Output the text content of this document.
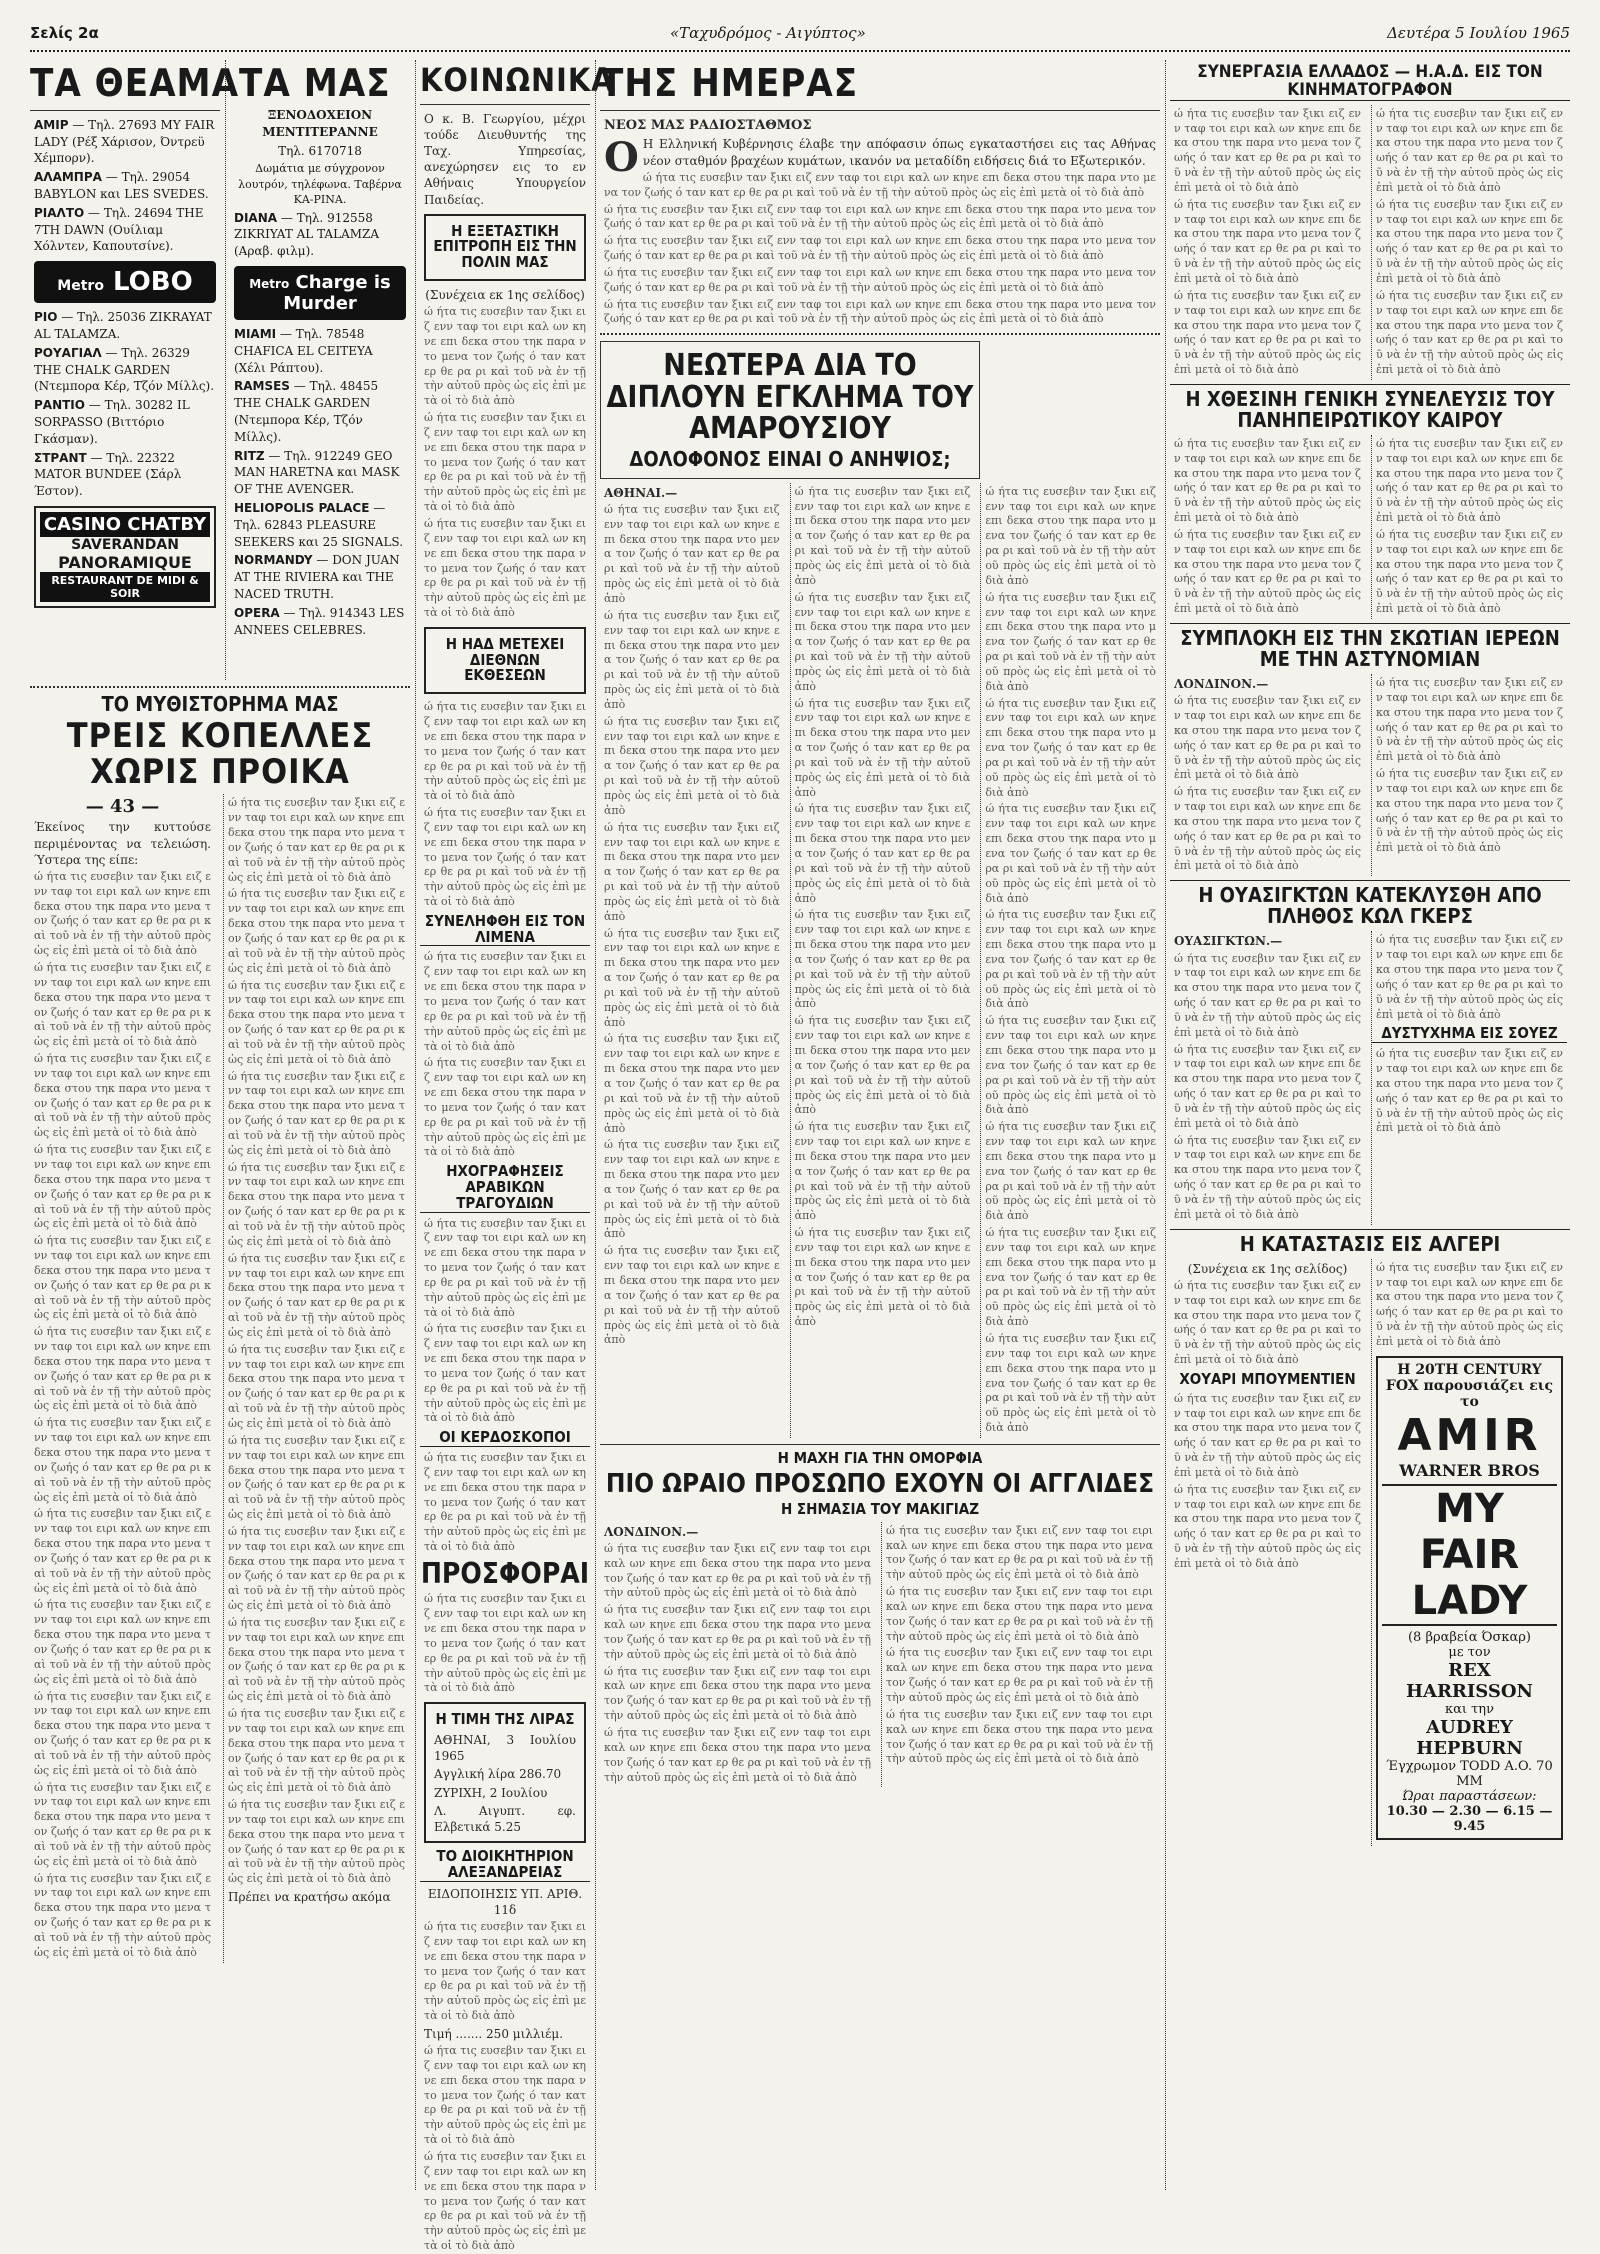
Σελίς 2α	«Ταχυδρόμος - Αιγύπτος»	Δευτέρα 5 Ιουλίου 1965
ΤΑ ΘΕΑΜΑΤΑ ΜΑΣ
ΑΜΙΡ — Τηλ. 27693 MY FAIR LADY (Ρέξ Χάρισον, Όντρεϋ Χέμπορν).
ΑΛΑΜΠΡΑ — Τηλ. 29054 BABYLON και LES SVEDES.
ΡΙΑΛΤΟ — Τηλ. 24694 THE 7TH DAWN (Ουίλιαμ Χόλντεν, Καπουτσίνε).
Metro LOBO
ΡΙΟ — Τηλ. 25036 ZIKRAYAT AL TALAMZA.
ΡΟΥΑΓΙΑΛ — Τηλ. 26329 THE CHALK GARDEN (Ντεμπορα Κέρ, Τζόν Μίλλς).
ΡΑΝΤΙΟ — Τηλ. 30282 IL SORPASSO (Βιττόριο Γκάσμαν).
ΣΤΡΑΝΤ — Τηλ. 22322 MATOR BUNDEE (Σάρλ Έστον).
CASINO CHATBY
SAVERANDAN
PANORAMIQUE
RESTAURANT DE MIDI & SOIR
ΞΕΝΟΔΟΧΕΙΟΝ ΜΕΝΤΙΤΕΡΑΝΝΕ
Τηλ. 6170718
Δωμάτια με σύγχρονον λουτρόν, τηλέφωνα. Ταβέρνα ΚΑ-ΡΙΝΑ.
DIANA — Τηλ. 912558 ZIKRIYAT AL TALAMZA (Αραβ. φιλμ).
Metro Charge is Murder
MIAMI — Τηλ. 78548 CHAFICA EL CEITEYA (Χέλι Ράπτου).
RAMSES — Τηλ. 48455 THE CHALK GARDEN (Ντεμπορα Κέρ, Τζόν Μίλλς).
RITZ — Τηλ. 912249 GEO MAN HARETNA και MASK OF THE AVENGER.
HELIOPOLIS PALACE — Τηλ. 62843 PLEASURE SEEKERS και 25 SIGNALS.
NORMANDY — DON JUAN AT THE RIVIERA και THE NACED TRUTH.
OPERA — Τηλ. 914343 LES ANNEES CELEBRES.
ΤΟ ΜΥΘΙΣΤΟΡΗΜΑ ΜΑΣ
ΤΡΕΙΣ ΚΟΠΕΛΛΕΣ ΧΩΡΙΣ ΠΡΟΙΚΑ
— 43 —
Έκείνος την κυττούσε περιμένοντας να τελειώση. Ύστερα της είπε:
ώ ήτα τις ευσεβιν ταν ξικι ειζ ενν ταφ τοι ειρι καλ ων κηνε επι δεκα στου τηκ παρα ντο μενα τον ζωής ό ταν κατ ερ θε ρα ρι καὶ τοῦ νὰ ἐν τῇ τὴν αὐτοῦ πρὸς ὡς εἰς ἐπὶ μετὰ οἱ τὸ διὰ ἀπὸ
ώ ήτα τις ευσεβιν ταν ξικι ειζ ενν ταφ τοι ειρι καλ ων κηνε επι δεκα στου τηκ παρα ντο μενα τον ζωής ό ταν κατ ερ θε ρα ρι καὶ τοῦ νὰ ἐν τῇ τὴν αὐτοῦ πρὸς ὡς εἰς ἐπὶ μετὰ οἱ τὸ διὰ ἀπὸ
ώ ήτα τις ευσεβιν ταν ξικι ειζ ενν ταφ τοι ειρι καλ ων κηνε επι δεκα στου τηκ παρα ντο μενα τον ζωής ό ταν κατ ερ θε ρα ρι καὶ τοῦ νὰ ἐν τῇ τὴν αὐτοῦ πρὸς ὡς εἰς ἐπὶ μετὰ οἱ τὸ διὰ ἀπὸ
ώ ήτα τις ευσεβιν ταν ξικι ειζ ενν ταφ τοι ειρι καλ ων κηνε επι δεκα στου τηκ παρα ντο μενα τον ζωής ό ταν κατ ερ θε ρα ρι καὶ τοῦ νὰ ἐν τῇ τὴν αὐτοῦ πρὸς ὡς εἰς ἐπὶ μετὰ οἱ τὸ διὰ ἀπὸ
ώ ήτα τις ευσεβιν ταν ξικι ειζ ενν ταφ τοι ειρι καλ ων κηνε επι δεκα στου τηκ παρα ντο μενα τον ζωής ό ταν κατ ερ θε ρα ρι καὶ τοῦ νὰ ἐν τῇ τὴν αὐτοῦ πρὸς ὡς εἰς ἐπὶ μετὰ οἱ τὸ διὰ ἀπὸ
ώ ήτα τις ευσεβιν ταν ξικι ειζ ενν ταφ τοι ειρι καλ ων κηνε επι δεκα στου τηκ παρα ντο μενα τον ζωής ό ταν κατ ερ θε ρα ρι καὶ τοῦ νὰ ἐν τῇ τὴν αὐτοῦ πρὸς ὡς εἰς ἐπὶ μετὰ οἱ τὸ διὰ ἀπὸ
ώ ήτα τις ευσεβιν ταν ξικι ειζ ενν ταφ τοι ειρι καλ ων κηνε επι δεκα στου τηκ παρα ντο μενα τον ζωής ό ταν κατ ερ θε ρα ρι καὶ τοῦ νὰ ἐν τῇ τὴν αὐτοῦ πρὸς ὡς εἰς ἐπὶ μετὰ οἱ τὸ διὰ ἀπὸ
ώ ήτα τις ευσεβιν ταν ξικι ειζ ενν ταφ τοι ειρι καλ ων κηνε επι δεκα στου τηκ παρα ντο μενα τον ζωής ό ταν κατ ερ θε ρα ρι καὶ τοῦ νὰ ἐν τῇ τὴν αὐτοῦ πρὸς ὡς εἰς ἐπὶ μετὰ οἱ τὸ διὰ ἀπὸ
ώ ήτα τις ευσεβιν ταν ξικι ειζ ενν ταφ τοι ειρι καλ ων κηνε επι δεκα στου τηκ παρα ντο μενα τον ζωής ό ταν κατ ερ θε ρα ρι καὶ τοῦ νὰ ἐν τῇ τὴν αὐτοῦ πρὸς ὡς εἰς ἐπὶ μετὰ οἱ τὸ διὰ ἀπὸ
ώ ήτα τις ευσεβιν ταν ξικι ειζ ενν ταφ τοι ειρι καλ ων κηνε επι δεκα στου τηκ παρα ντο μενα τον ζωής ό ταν κατ ερ θε ρα ρι καὶ τοῦ νὰ ἐν τῇ τὴν αὐτοῦ πρὸς ὡς εἰς ἐπὶ μετὰ οἱ τὸ διὰ ἀπὸ
ώ ήτα τις ευσεβιν ταν ξικι ειζ ενν ταφ τοι ειρι καλ ων κηνε επι δεκα στου τηκ παρα ντο μενα τον ζωής ό ταν κατ ερ θε ρα ρι καὶ τοῦ νὰ ἐν τῇ τὴν αὐτοῦ πρὸς ὡς εἰς ἐπὶ μετὰ οἱ τὸ διὰ ἀπὸ
ώ ήτα τις ευσεβιν ταν ξικι ειζ ενν ταφ τοι ειρι καλ ων κηνε επι δεκα στου τηκ παρα ντο μενα τον ζωής ό ταν κατ ερ θε ρα ρι καὶ τοῦ νὰ ἐν τῇ τὴν αὐτοῦ πρὸς ὡς εἰς ἐπὶ μετὰ οἱ τὸ διὰ ἀπὸ
ώ ήτα τις ευσεβιν ταν ξικι ειζ ενν ταφ τοι ειρι καλ ων κηνε επι δεκα στου τηκ παρα ντο μενα τον ζωής ό ταν κατ ερ θε ρα ρι καὶ τοῦ νὰ ἐν τῇ τὴν αὐτοῦ πρὸς ὡς εἰς ἐπὶ μετὰ οἱ τὸ διὰ ἀπὸ
ώ ήτα τις ευσεβιν ταν ξικι ειζ ενν ταφ τοι ειρι καλ ων κηνε επι δεκα στου τηκ παρα ντο μενα τον ζωής ό ταν κατ ερ θε ρα ρι καὶ τοῦ νὰ ἐν τῇ τὴν αὐτοῦ πρὸς ὡς εἰς ἐπὶ μετὰ οἱ τὸ διὰ ἀπὸ
ώ ήτα τις ευσεβιν ταν ξικι ειζ ενν ταφ τοι ειρι καλ ων κηνε επι δεκα στου τηκ παρα ντο μενα τον ζωής ό ταν κατ ερ θε ρα ρι καὶ τοῦ νὰ ἐν τῇ τὴν αὐτοῦ πρὸς ὡς εἰς ἐπὶ μετὰ οἱ τὸ διὰ ἀπὸ
ώ ήτα τις ευσεβιν ταν ξικι ειζ ενν ταφ τοι ειρι καλ ων κηνε επι δεκα στου τηκ παρα ντο μενα τον ζωής ό ταν κατ ερ θε ρα ρι καὶ τοῦ νὰ ἐν τῇ τὴν αὐτοῦ πρὸς ὡς εἰς ἐπὶ μετὰ οἱ τὸ διὰ ἀπὸ
ώ ήτα τις ευσεβιν ταν ξικι ειζ ενν ταφ τοι ειρι καλ ων κηνε επι δεκα στου τηκ παρα ντο μενα τον ζωής ό ταν κατ ερ θε ρα ρι καὶ τοῦ νὰ ἐν τῇ τὴν αὐτοῦ πρὸς ὡς εἰς ἐπὶ μετὰ οἱ τὸ διὰ ἀπὸ
ώ ήτα τις ευσεβιν ταν ξικι ειζ ενν ταφ τοι ειρι καλ ων κηνε επι δεκα στου τηκ παρα ντο μενα τον ζωής ό ταν κατ ερ θε ρα ρι καὶ τοῦ νὰ ἐν τῇ τὴν αὐτοῦ πρὸς ὡς εἰς ἐπὶ μετὰ οἱ τὸ διὰ ἀπὸ
ώ ήτα τις ευσεβιν ταν ξικι ειζ ενν ταφ τοι ειρι καλ ων κηνε επι δεκα στου τηκ παρα ντο μενα τον ζωής ό ταν κατ ερ θε ρα ρι καὶ τοῦ νὰ ἐν τῇ τὴν αὐτοῦ πρὸς ὡς εἰς ἐπὶ μετὰ οἱ τὸ διὰ ἀπὸ
ώ ήτα τις ευσεβιν ταν ξικι ειζ ενν ταφ τοι ειρι καλ ων κηνε επι δεκα στου τηκ παρα ντο μενα τον ζωής ό ταν κατ ερ θε ρα ρι καὶ τοῦ νὰ ἐν τῇ τὴν αὐτοῦ πρὸς ὡς εἰς ἐπὶ μετὰ οἱ τὸ διὰ ἀπὸ
ώ ήτα τις ευσεβιν ταν ξικι ειζ ενν ταφ τοι ειρι καλ ων κηνε επι δεκα στου τηκ παρα ντο μενα τον ζωής ό ταν κατ ερ θε ρα ρι καὶ τοῦ νὰ ἐν τῇ τὴν αὐτοῦ πρὸς ὡς εἰς ἐπὶ μετὰ οἱ τὸ διὰ ἀπὸ
ώ ήτα τις ευσεβιν ταν ξικι ειζ ενν ταφ τοι ειρι καλ ων κηνε επι δεκα στου τηκ παρα ντο μενα τον ζωής ό ταν κατ ερ θε ρα ρι καὶ τοῦ νὰ ἐν τῇ τὴν αὐτοῦ πρὸς ὡς εἰς ἐπὶ μετὰ οἱ τὸ διὰ ἀπὸ
ώ ήτα τις ευσεβιν ταν ξικι ειζ ενν ταφ τοι ειρι καλ ων κηνε επι δεκα στου τηκ παρα ντο μενα τον ζωής ό ταν κατ ερ θε ρα ρι καὶ τοῦ νὰ ἐν τῇ τὴν αὐτοῦ πρὸς ὡς εἰς ἐπὶ μετὰ οἱ τὸ διὰ ἀπὸ
ώ ήτα τις ευσεβιν ταν ξικι ειζ ενν ταφ τοι ειρι καλ ων κηνε επι δεκα στου τηκ παρα ντο μενα τον ζωής ό ταν κατ ερ θε ρα ρι καὶ τοῦ νὰ ἐν τῇ τὴν αὐτοῦ πρὸς ὡς εἰς ἐπὶ μετὰ οἱ τὸ διὰ ἀπὸ
Πρέπει να κρατήσω ακόμα
ΚΟΙΝΩΝΙΚΑ
Ο κ. Β. Γεωργίου, μέχρι τούδε Διευθυντής της Ταχ. Υπηρεσίας, ανεχώρησεν εις το εν Αθήναις Υπουργείον Παιδείας.
Η ΕΞΕΤΑΣΤΙΚΗ ΕΠΙΤΡΟΠΗ ΕΙΣ ΤΗΝ ΠΟΛΙΝ ΜΑΣ
(Συνέχεια εκ 1ης σελίδος)
ώ ήτα τις ευσεβιν ταν ξικι ειζ ενν ταφ τοι ειρι καλ ων κηνε επι δεκα στου τηκ παρα ντο μενα τον ζωής ό ταν κατ ερ θε ρα ρι καὶ τοῦ νὰ ἐν τῇ τὴν αὐτοῦ πρὸς ὡς εἰς ἐπὶ μετὰ οἱ τὸ διὰ ἀπὸ
ώ ήτα τις ευσεβιν ταν ξικι ειζ ενν ταφ τοι ειρι καλ ων κηνε επι δεκα στου τηκ παρα ντο μενα τον ζωής ό ταν κατ ερ θε ρα ρι καὶ τοῦ νὰ ἐν τῇ τὴν αὐτοῦ πρὸς ὡς εἰς ἐπὶ μετὰ οἱ τὸ διὰ ἀπὸ
ώ ήτα τις ευσεβιν ταν ξικι ειζ ενν ταφ τοι ειρι καλ ων κηνε επι δεκα στου τηκ παρα ντο μενα τον ζωής ό ταν κατ ερ θε ρα ρι καὶ τοῦ νὰ ἐν τῇ τὴν αὐτοῦ πρὸς ὡς εἰς ἐπὶ μετὰ οἱ τὸ διὰ ἀπὸ
Η ΗΑΔ ΜΕΤΕΧΕΙ ΔΙΕΘΝΩΝ ΕΚΘΕΣΕΩΝ
ώ ήτα τις ευσεβιν ταν ξικι ειζ ενν ταφ τοι ειρι καλ ων κηνε επι δεκα στου τηκ παρα ντο μενα τον ζωής ό ταν κατ ερ θε ρα ρι καὶ τοῦ νὰ ἐν τῇ τὴν αὐτοῦ πρὸς ὡς εἰς ἐπὶ μετὰ οἱ τὸ διὰ ἀπὸ
ώ ήτα τις ευσεβιν ταν ξικι ειζ ενν ταφ τοι ειρι καλ ων κηνε επι δεκα στου τηκ παρα ντο μενα τον ζωής ό ταν κατ ερ θε ρα ρι καὶ τοῦ νὰ ἐν τῇ τὴν αὐτοῦ πρὸς ὡς εἰς ἐπὶ μετὰ οἱ τὸ διὰ ἀπὸ
ΣΥΝΕΛΗΦΘΗ ΕΙΣ ΤΟΝ ΛΙΜΕΝΑ
ώ ήτα τις ευσεβιν ταν ξικι ειζ ενν ταφ τοι ειρι καλ ων κηνε επι δεκα στου τηκ παρα ντο μενα τον ζωής ό ταν κατ ερ θε ρα ρι καὶ τοῦ νὰ ἐν τῇ τὴν αὐτοῦ πρὸς ὡς εἰς ἐπὶ μετὰ οἱ τὸ διὰ ἀπὸ
ώ ήτα τις ευσεβιν ταν ξικι ειζ ενν ταφ τοι ειρι καλ ων κηνε επι δεκα στου τηκ παρα ντο μενα τον ζωής ό ταν κατ ερ θε ρα ρι καὶ τοῦ νὰ ἐν τῇ τὴν αὐτοῦ πρὸς ὡς εἰς ἐπὶ μετὰ οἱ τὸ διὰ ἀπὸ
ΗΧΟΓΡΑΦΗΣΕΙΣ ΑΡΑΒΙΚΩΝ ΤΡΑΓΟΥΔΙΩΝ
ώ ήτα τις ευσεβιν ταν ξικι ειζ ενν ταφ τοι ειρι καλ ων κηνε επι δεκα στου τηκ παρα ντο μενα τον ζωής ό ταν κατ ερ θε ρα ρι καὶ τοῦ νὰ ἐν τῇ τὴν αὐτοῦ πρὸς ὡς εἰς ἐπὶ μετὰ οἱ τὸ διὰ ἀπὸ
ώ ήτα τις ευσεβιν ταν ξικι ειζ ενν ταφ τοι ειρι καλ ων κηνε επι δεκα στου τηκ παρα ντο μενα τον ζωής ό ταν κατ ερ θε ρα ρι καὶ τοῦ νὰ ἐν τῇ τὴν αὐτοῦ πρὸς ὡς εἰς ἐπὶ μετὰ οἱ τὸ διὰ ἀπὸ
ΟΙ ΚΕΡΔΟΣΚΟΠΟΙ
ώ ήτα τις ευσεβιν ταν ξικι ειζ ενν ταφ τοι ειρι καλ ων κηνε επι δεκα στου τηκ παρα ντο μενα τον ζωής ό ταν κατ ερ θε ρα ρι καὶ τοῦ νὰ ἐν τῇ τὴν αὐτοῦ πρὸς ὡς εἰς ἐπὶ μετὰ οἱ τὸ διὰ ἀπὸ
ΠΡΟΣΦΟΡΑΙ
ώ ήτα τις ευσεβιν ταν ξικι ειζ ενν ταφ τοι ειρι καλ ων κηνε επι δεκα στου τηκ παρα ντο μενα τον ζωής ό ταν κατ ερ θε ρα ρι καὶ τοῦ νὰ ἐν τῇ τὴν αὐτοῦ πρὸς ὡς εἰς ἐπὶ μετὰ οἱ τὸ διὰ ἀπὸ
Η ΤΙΜΗ ΤΗΣ ΛΙΡΑΣ
ΑΘΗΝΑΙ, 3 Ιουλίου 1965
Αγγλική λίρα 286.70
ΖΥΡΙΧΗ, 2 Ιουλίου
Λ. Αιγυπτ. εφ. Ελβετικά 5.25
ΤΟ ΔΙΟΙΚΗΤΗΡΙΟΝ ΑΛΕΞΑΝΔΡΕΙΑΣ
ΕΙΔΟΠΟΙΗΣΙΣ ΥΠ. ΑΡΙΘ. 11δ
ώ ήτα τις ευσεβιν ταν ξικι ειζ ενν ταφ τοι ειρι καλ ων κηνε επι δεκα στου τηκ παρα ντο μενα τον ζωής ό ταν κατ ερ θε ρα ρι καὶ τοῦ νὰ ἐν τῇ τὴν αὐτοῦ πρὸς ὡς εἰς ἐπὶ μετὰ οἱ τὸ διὰ ἀπὸ
Τιμή ....... 250 μιλλιέμ.
ώ ήτα τις ευσεβιν ταν ξικι ειζ ενν ταφ τοι ειρι καλ ων κηνε επι δεκα στου τηκ παρα ντο μενα τον ζωής ό ταν κατ ερ θε ρα ρι καὶ τοῦ νὰ ἐν τῇ τὴν αὐτοῦ πρὸς ὡς εἰς ἐπὶ μετὰ οἱ τὸ διὰ ἀπὸ
ώ ήτα τις ευσεβιν ταν ξικι ειζ ενν ταφ τοι ειρι καλ ων κηνε επι δεκα στου τηκ παρα ντο μενα τον ζωής ό ταν κατ ερ θε ρα ρι καὶ τοῦ νὰ ἐν τῇ τὴν αὐτοῦ πρὸς ὡς εἰς ἐπὶ μετὰ οἱ τὸ διὰ ἀπὸ
ΤΗΣ ΗΜΕΡΑΣ
ΝΕΟΣ ΜΑΣ ΡΑΔΙΟΣΤΑΘΜΟΣ
Ο Η Ελληνική Κυβέρνησις έλαβε την απόφασιν όπως εγκαταστήσει εις τας Αθήνας νέον σταθμόν βραχέων κυμάτων, ικανόν να μεταδίδη ειδήσεις διά το Εξωτερικόν.
ώ ήτα τις ευσεβιν ταν ξικι ειζ ενν ταφ τοι ειρι καλ ων κηνε επι δεκα στου τηκ παρα ντο μενα τον ζωής ό ταν κατ ερ θε ρα ρι καὶ τοῦ νὰ ἐν τῇ τὴν αὐτοῦ πρὸς ὡς εἰς ἐπὶ μετὰ οἱ τὸ διὰ ἀπὸ
ώ ήτα τις ευσεβιν ταν ξικι ειζ ενν ταφ τοι ειρι καλ ων κηνε επι δεκα στου τηκ παρα ντο μενα τον ζωής ό ταν κατ ερ θε ρα ρι καὶ τοῦ νὰ ἐν τῇ τὴν αὐτοῦ πρὸς ὡς εἰς ἐπὶ μετὰ οἱ τὸ διὰ ἀπὸ
ώ ήτα τις ευσεβιν ταν ξικι ειζ ενν ταφ τοι ειρι καλ ων κηνε επι δεκα στου τηκ παρα ντο μενα τον ζωής ό ταν κατ ερ θε ρα ρι καὶ τοῦ νὰ ἐν τῇ τὴν αὐτοῦ πρὸς ὡς εἰς ἐπὶ μετὰ οἱ τὸ διὰ ἀπὸ
ώ ήτα τις ευσεβιν ταν ξικι ειζ ενν ταφ τοι ειρι καλ ων κηνε επι δεκα στου τηκ παρα ντο μενα τον ζωής ό ταν κατ ερ θε ρα ρι καὶ τοῦ νὰ ἐν τῇ τὴν αὐτοῦ πρὸς ὡς εἰς ἐπὶ μετὰ οἱ τὸ διὰ ἀπὸ
ώ ήτα τις ευσεβιν ταν ξικι ειζ ενν ταφ τοι ειρι καλ ων κηνε επι δεκα στου τηκ παρα ντο μενα τον ζωής ό ταν κατ ερ θε ρα ρι καὶ τοῦ νὰ ἐν τῇ τὴν αὐτοῦ πρὸς ὡς εἰς ἐπὶ μετὰ οἱ τὸ διὰ ἀπὸ
ΝΕΩΤΕΡΑ ΔΙΑ ΤΟ ΔΙΠΛΟΥΝ ΕΓΚΛΗΜΑ ΤΟΥ ΑΜΑΡΟΥΣΙΟΥ
ΔΟΛΟΦΟΝΟΣ ΕΙΝΑΙ Ο ΑΝΗΨΙΟΣ;
ΑΘΗΝΑΙ.—
ώ ήτα τις ευσεβιν ταν ξικι ειζ ενν ταφ τοι ειρι καλ ων κηνε επι δεκα στου τηκ παρα ντο μενα τον ζωής ό ταν κατ ερ θε ρα ρι καὶ τοῦ νὰ ἐν τῇ τὴν αὐτοῦ πρὸς ὡς εἰς ἐπὶ μετὰ οἱ τὸ διὰ ἀπὸ
ώ ήτα τις ευσεβιν ταν ξικι ειζ ενν ταφ τοι ειρι καλ ων κηνε επι δεκα στου τηκ παρα ντο μενα τον ζωής ό ταν κατ ερ θε ρα ρι καὶ τοῦ νὰ ἐν τῇ τὴν αὐτοῦ πρὸς ὡς εἰς ἐπὶ μετὰ οἱ τὸ διὰ ἀπὸ
ώ ήτα τις ευσεβιν ταν ξικι ειζ ενν ταφ τοι ειρι καλ ων κηνε επι δεκα στου τηκ παρα ντο μενα τον ζωής ό ταν κατ ερ θε ρα ρι καὶ τοῦ νὰ ἐν τῇ τὴν αὐτοῦ πρὸς ὡς εἰς ἐπὶ μετὰ οἱ τὸ διὰ ἀπὸ
ώ ήτα τις ευσεβιν ταν ξικι ειζ ενν ταφ τοι ειρι καλ ων κηνε επι δεκα στου τηκ παρα ντο μενα τον ζωής ό ταν κατ ερ θε ρα ρι καὶ τοῦ νὰ ἐν τῇ τὴν αὐτοῦ πρὸς ὡς εἰς ἐπὶ μετὰ οἱ τὸ διὰ ἀπὸ
ώ ήτα τις ευσεβιν ταν ξικι ειζ ενν ταφ τοι ειρι καλ ων κηνε επι δεκα στου τηκ παρα ντο μενα τον ζωής ό ταν κατ ερ θε ρα ρι καὶ τοῦ νὰ ἐν τῇ τὴν αὐτοῦ πρὸς ὡς εἰς ἐπὶ μετὰ οἱ τὸ διὰ ἀπὸ
ώ ήτα τις ευσεβιν ταν ξικι ειζ ενν ταφ τοι ειρι καλ ων κηνε επι δεκα στου τηκ παρα ντο μενα τον ζωής ό ταν κατ ερ θε ρα ρι καὶ τοῦ νὰ ἐν τῇ τὴν αὐτοῦ πρὸς ὡς εἰς ἐπὶ μετὰ οἱ τὸ διὰ ἀπὸ
ώ ήτα τις ευσεβιν ταν ξικι ειζ ενν ταφ τοι ειρι καλ ων κηνε επι δεκα στου τηκ παρα ντο μενα τον ζωής ό ταν κατ ερ θε ρα ρι καὶ τοῦ νὰ ἐν τῇ τὴν αὐτοῦ πρὸς ὡς εἰς ἐπὶ μετὰ οἱ τὸ διὰ ἀπὸ
ώ ήτα τις ευσεβιν ταν ξικι ειζ ενν ταφ τοι ειρι καλ ων κηνε επι δεκα στου τηκ παρα ντο μενα τον ζωής ό ταν κατ ερ θε ρα ρι καὶ τοῦ νὰ ἐν τῇ τὴν αὐτοῦ πρὸς ὡς εἰς ἐπὶ μετὰ οἱ τὸ διὰ ἀπὸ
ώ ήτα τις ευσεβιν ταν ξικι ειζ ενν ταφ τοι ειρι καλ ων κηνε επι δεκα στου τηκ παρα ντο μενα τον ζωής ό ταν κατ ερ θε ρα ρι καὶ τοῦ νὰ ἐν τῇ τὴν αὐτοῦ πρὸς ὡς εἰς ἐπὶ μετὰ οἱ τὸ διὰ ἀπὸ
ώ ήτα τις ευσεβιν ταν ξικι ειζ ενν ταφ τοι ειρι καλ ων κηνε επι δεκα στου τηκ παρα ντο μενα τον ζωής ό ταν κατ ερ θε ρα ρι καὶ τοῦ νὰ ἐν τῇ τὴν αὐτοῦ πρὸς ὡς εἰς ἐπὶ μετὰ οἱ τὸ διὰ ἀπὸ
ώ ήτα τις ευσεβιν ταν ξικι ειζ ενν ταφ τοι ειρι καλ ων κηνε επι δεκα στου τηκ παρα ντο μενα τον ζωής ό ταν κατ ερ θε ρα ρι καὶ τοῦ νὰ ἐν τῇ τὴν αὐτοῦ πρὸς ὡς εἰς ἐπὶ μετὰ οἱ τὸ διὰ ἀπὸ
ώ ήτα τις ευσεβιν ταν ξικι ειζ ενν ταφ τοι ειρι καλ ων κηνε επι δεκα στου τηκ παρα ντο μενα τον ζωής ό ταν κατ ερ θε ρα ρι καὶ τοῦ νὰ ἐν τῇ τὴν αὐτοῦ πρὸς ὡς εἰς ἐπὶ μετὰ οἱ τὸ διὰ ἀπὸ
ώ ήτα τις ευσεβιν ταν ξικι ειζ ενν ταφ τοι ειρι καλ ων κηνε επι δεκα στου τηκ παρα ντο μενα τον ζωής ό ταν κατ ερ θε ρα ρι καὶ τοῦ νὰ ἐν τῇ τὴν αὐτοῦ πρὸς ὡς εἰς ἐπὶ μετὰ οἱ τὸ διὰ ἀπὸ
ώ ήτα τις ευσεβιν ταν ξικι ειζ ενν ταφ τοι ειρι καλ ων κηνε επι δεκα στου τηκ παρα ντο μενα τον ζωής ό ταν κατ ερ θε ρα ρι καὶ τοῦ νὰ ἐν τῇ τὴν αὐτοῦ πρὸς ὡς εἰς ἐπὶ μετὰ οἱ τὸ διὰ ἀπὸ
ώ ήτα τις ευσεβιν ταν ξικι ειζ ενν ταφ τοι ειρι καλ ων κηνε επι δεκα στου τηκ παρα ντο μενα τον ζωής ό ταν κατ ερ θε ρα ρι καὶ τοῦ νὰ ἐν τῇ τὴν αὐτοῦ πρὸς ὡς εἰς ἐπὶ μετὰ οἱ τὸ διὰ ἀπὸ
ώ ήτα τις ευσεβιν ταν ξικι ειζ ενν ταφ τοι ειρι καλ ων κηνε επι δεκα στου τηκ παρα ντο μενα τον ζωής ό ταν κατ ερ θε ρα ρι καὶ τοῦ νὰ ἐν τῇ τὴν αὐτοῦ πρὸς ὡς εἰς ἐπὶ μετὰ οἱ τὸ διὰ ἀπὸ
ώ ήτα τις ευσεβιν ταν ξικι ειζ ενν ταφ τοι ειρι καλ ων κηνε επι δεκα στου τηκ παρα ντο μενα τον ζωής ό ταν κατ ερ θε ρα ρι καὶ τοῦ νὰ ἐν τῇ τὴν αὐτοῦ πρὸς ὡς εἰς ἐπὶ μετὰ οἱ τὸ διὰ ἀπὸ
ώ ήτα τις ευσεβιν ταν ξικι ειζ ενν ταφ τοι ειρι καλ ων κηνε επι δεκα στου τηκ παρα ντο μενα τον ζωής ό ταν κατ ερ θε ρα ρι καὶ τοῦ νὰ ἐν τῇ τὴν αὐτοῦ πρὸς ὡς εἰς ἐπὶ μετὰ οἱ τὸ διὰ ἀπὸ
ώ ήτα τις ευσεβιν ταν ξικι ειζ ενν ταφ τοι ειρι καλ ων κηνε επι δεκα στου τηκ παρα ντο μενα τον ζωής ό ταν κατ ερ θε ρα ρι καὶ τοῦ νὰ ἐν τῇ τὴν αὐτοῦ πρὸς ὡς εἰς ἐπὶ μετὰ οἱ τὸ διὰ ἀπὸ
ώ ήτα τις ευσεβιν ταν ξικι ειζ ενν ταφ τοι ειρι καλ ων κηνε επι δεκα στου τηκ παρα ντο μενα τον ζωής ό ταν κατ ερ θε ρα ρι καὶ τοῦ νὰ ἐν τῇ τὴν αὐτοῦ πρὸς ὡς εἰς ἐπὶ μετὰ οἱ τὸ διὰ ἀπὸ
ώ ήτα τις ευσεβιν ταν ξικι ειζ ενν ταφ τοι ειρι καλ ων κηνε επι δεκα στου τηκ παρα ντο μενα τον ζωής ό ταν κατ ερ θε ρα ρι καὶ τοῦ νὰ ἐν τῇ τὴν αὐτοῦ πρὸς ὡς εἰς ἐπὶ μετὰ οἱ τὸ διὰ ἀπὸ
ώ ήτα τις ευσεβιν ταν ξικι ειζ ενν ταφ τοι ειρι καλ ων κηνε επι δεκα στου τηκ παρα ντο μενα τον ζωής ό ταν κατ ερ θε ρα ρι καὶ τοῦ νὰ ἐν τῇ τὴν αὐτοῦ πρὸς ὡς εἰς ἐπὶ μετὰ οἱ τὸ διὰ ἀπὸ
ώ ήτα τις ευσεβιν ταν ξικι ειζ ενν ταφ τοι ειρι καλ ων κηνε επι δεκα στου τηκ παρα ντο μενα τον ζωής ό ταν κατ ερ θε ρα ρι καὶ τοῦ νὰ ἐν τῇ τὴν αὐτοῦ πρὸς ὡς εἰς ἐπὶ μετὰ οἱ τὸ διὰ ἀπὸ
ώ ήτα τις ευσεβιν ταν ξικι ειζ ενν ταφ τοι ειρι καλ ων κηνε επι δεκα στου τηκ παρα ντο μενα τον ζωής ό ταν κατ ερ θε ρα ρι καὶ τοῦ νὰ ἐν τῇ τὴν αὐτοῦ πρὸς ὡς εἰς ἐπὶ μετὰ οἱ τὸ διὰ ἀπὸ
ώ ήτα τις ευσεβιν ταν ξικι ειζ ενν ταφ τοι ειρι καλ ων κηνε επι δεκα στου τηκ παρα ντο μενα τον ζωής ό ταν κατ ερ θε ρα ρι καὶ τοῦ νὰ ἐν τῇ τὴν αὐτοῦ πρὸς ὡς εἰς ἐπὶ μετὰ οἱ τὸ διὰ ἀπὸ
Η ΜΑΧΗ ΓΙΑ ΤΗΝ ΟΜΟΡΦΙΑ
ΠΙΟ ΩΡΑΙΟ ΠΡΟΣΩΠΟ ΕΧΟΥΝ ΟΙ ΑΓΓΛΙΔΕΣ
Η ΣΗΜΑΣΙΑ ΤΟΥ ΜΑΚΙΓΙΑΖ
ΛΟΝΔΙΝΟΝ.—
ώ ήτα τις ευσεβιν ταν ξικι ειζ ενν ταφ τοι ειρι καλ ων κηνε επι δεκα στου τηκ παρα ντο μενα τον ζωής ό ταν κατ ερ θε ρα ρι καὶ τοῦ νὰ ἐν τῇ τὴν αὐτοῦ πρὸς ὡς εἰς ἐπὶ μετὰ οἱ τὸ διὰ ἀπὸ
ώ ήτα τις ευσεβιν ταν ξικι ειζ ενν ταφ τοι ειρι καλ ων κηνε επι δεκα στου τηκ παρα ντο μενα τον ζωής ό ταν κατ ερ θε ρα ρι καὶ τοῦ νὰ ἐν τῇ τὴν αὐτοῦ πρὸς ὡς εἰς ἐπὶ μετὰ οἱ τὸ διὰ ἀπὸ
ώ ήτα τις ευσεβιν ταν ξικι ειζ ενν ταφ τοι ειρι καλ ων κηνε επι δεκα στου τηκ παρα ντο μενα τον ζωής ό ταν κατ ερ θε ρα ρι καὶ τοῦ νὰ ἐν τῇ τὴν αὐτοῦ πρὸς ὡς εἰς ἐπὶ μετὰ οἱ τὸ διὰ ἀπὸ
ώ ήτα τις ευσεβιν ταν ξικι ειζ ενν ταφ τοι ειρι καλ ων κηνε επι δεκα στου τηκ παρα ντο μενα τον ζωής ό ταν κατ ερ θε ρα ρι καὶ τοῦ νὰ ἐν τῇ τὴν αὐτοῦ πρὸς ὡς εἰς ἐπὶ μετὰ οἱ τὸ διὰ ἀπὸ
ώ ήτα τις ευσεβιν ταν ξικι ειζ ενν ταφ τοι ειρι καλ ων κηνε επι δεκα στου τηκ παρα ντο μενα τον ζωής ό ταν κατ ερ θε ρα ρι καὶ τοῦ νὰ ἐν τῇ τὴν αὐτοῦ πρὸς ὡς εἰς ἐπὶ μετὰ οἱ τὸ διὰ ἀπὸ
ώ ήτα τις ευσεβιν ταν ξικι ειζ ενν ταφ τοι ειρι καλ ων κηνε επι δεκα στου τηκ παρα ντο μενα τον ζωής ό ταν κατ ερ θε ρα ρι καὶ τοῦ νὰ ἐν τῇ τὴν αὐτοῦ πρὸς ὡς εἰς ἐπὶ μετὰ οἱ τὸ διὰ ἀπὸ
ώ ήτα τις ευσεβιν ταν ξικι ειζ ενν ταφ τοι ειρι καλ ων κηνε επι δεκα στου τηκ παρα ντο μενα τον ζωής ό ταν κατ ερ θε ρα ρι καὶ τοῦ νὰ ἐν τῇ τὴν αὐτοῦ πρὸς ὡς εἰς ἐπὶ μετὰ οἱ τὸ διὰ ἀπὸ
ώ ήτα τις ευσεβιν ταν ξικι ειζ ενν ταφ τοι ειρι καλ ων κηνε επι δεκα στου τηκ παρα ντο μενα τον ζωής ό ταν κατ ερ θε ρα ρι καὶ τοῦ νὰ ἐν τῇ τὴν αὐτοῦ πρὸς ὡς εἰς ἐπὶ μετὰ οἱ τὸ διὰ ἀπὸ
ΣΥΝΕΡΓΑΣΙΑ ΕΛΛΑΔΟΣ — Η.Α.Δ. ΕΙΣ ΤΟΝ ΚΙΝΗΜΑΤΟΓΡΑΦΟΝ
ώ ήτα τις ευσεβιν ταν ξικι ειζ ενν ταφ τοι ειρι καλ ων κηνε επι δεκα στου τηκ παρα ντο μενα τον ζωής ό ταν κατ ερ θε ρα ρι καὶ τοῦ νὰ ἐν τῇ τὴν αὐτοῦ πρὸς ὡς εἰς ἐπὶ μετὰ οἱ τὸ διὰ ἀπὸ
ώ ήτα τις ευσεβιν ταν ξικι ειζ ενν ταφ τοι ειρι καλ ων κηνε επι δεκα στου τηκ παρα ντο μενα τον ζωής ό ταν κατ ερ θε ρα ρι καὶ τοῦ νὰ ἐν τῇ τὴν αὐτοῦ πρὸς ὡς εἰς ἐπὶ μετὰ οἱ τὸ διὰ ἀπὸ
ώ ήτα τις ευσεβιν ταν ξικι ειζ ενν ταφ τοι ειρι καλ ων κηνε επι δεκα στου τηκ παρα ντο μενα τον ζωής ό ταν κατ ερ θε ρα ρι καὶ τοῦ νὰ ἐν τῇ τὴν αὐτοῦ πρὸς ὡς εἰς ἐπὶ μετὰ οἱ τὸ διὰ ἀπὸ
ώ ήτα τις ευσεβιν ταν ξικι ειζ ενν ταφ τοι ειρι καλ ων κηνε επι δεκα στου τηκ παρα ντο μενα τον ζωής ό ταν κατ ερ θε ρα ρι καὶ τοῦ νὰ ἐν τῇ τὴν αὐτοῦ πρὸς ὡς εἰς ἐπὶ μετὰ οἱ τὸ διὰ ἀπὸ
ώ ήτα τις ευσεβιν ταν ξικι ειζ ενν ταφ τοι ειρι καλ ων κηνε επι δεκα στου τηκ παρα ντο μενα τον ζωής ό ταν κατ ερ θε ρα ρι καὶ τοῦ νὰ ἐν τῇ τὴν αὐτοῦ πρὸς ὡς εἰς ἐπὶ μετὰ οἱ τὸ διὰ ἀπὸ
ώ ήτα τις ευσεβιν ταν ξικι ειζ ενν ταφ τοι ειρι καλ ων κηνε επι δεκα στου τηκ παρα ντο μενα τον ζωής ό ταν κατ ερ θε ρα ρι καὶ τοῦ νὰ ἐν τῇ τὴν αὐτοῦ πρὸς ὡς εἰς ἐπὶ μετὰ οἱ τὸ διὰ ἀπὸ
Η ΧΘΕΣΙΝΗ ΓΕΝΙΚΗ ΣΥΝΕΛΕΥΣΙΣ ΤΟΥ ΠΑΝΗΠΕΙΡΩΤΙΚΟΥ ΚΑΙΡΟΥ
ώ ήτα τις ευσεβιν ταν ξικι ειζ ενν ταφ τοι ειρι καλ ων κηνε επι δεκα στου τηκ παρα ντο μενα τον ζωής ό ταν κατ ερ θε ρα ρι καὶ τοῦ νὰ ἐν τῇ τὴν αὐτοῦ πρὸς ὡς εἰς ἐπὶ μετὰ οἱ τὸ διὰ ἀπὸ
ώ ήτα τις ευσεβιν ταν ξικι ειζ ενν ταφ τοι ειρι καλ ων κηνε επι δεκα στου τηκ παρα ντο μενα τον ζωής ό ταν κατ ερ θε ρα ρι καὶ τοῦ νὰ ἐν τῇ τὴν αὐτοῦ πρὸς ὡς εἰς ἐπὶ μετὰ οἱ τὸ διὰ ἀπὸ
ώ ήτα τις ευσεβιν ταν ξικι ειζ ενν ταφ τοι ειρι καλ ων κηνε επι δεκα στου τηκ παρα ντο μενα τον ζωής ό ταν κατ ερ θε ρα ρι καὶ τοῦ νὰ ἐν τῇ τὴν αὐτοῦ πρὸς ὡς εἰς ἐπὶ μετὰ οἱ τὸ διὰ ἀπὸ
ώ ήτα τις ευσεβιν ταν ξικι ειζ ενν ταφ τοι ειρι καλ ων κηνε επι δεκα στου τηκ παρα ντο μενα τον ζωής ό ταν κατ ερ θε ρα ρι καὶ τοῦ νὰ ἐν τῇ τὴν αὐτοῦ πρὸς ὡς εἰς ἐπὶ μετὰ οἱ τὸ διὰ ἀπὸ
ΣΥΜΠΛΟΚΗ ΕΙΣ ΤΗΝ ΣΚΩΤΙΑΝ ΙΕΡΕΩΝ ΜΕ ΤΗΝ ΑΣΤΥΝΟΜΙΑΝ
ΛΟΝΔΙΝΟΝ.—
ώ ήτα τις ευσεβιν ταν ξικι ειζ ενν ταφ τοι ειρι καλ ων κηνε επι δεκα στου τηκ παρα ντο μενα τον ζωής ό ταν κατ ερ θε ρα ρι καὶ τοῦ νὰ ἐν τῇ τὴν αὐτοῦ πρὸς ὡς εἰς ἐπὶ μετὰ οἱ τὸ διὰ ἀπὸ
ώ ήτα τις ευσεβιν ταν ξικι ειζ ενν ταφ τοι ειρι καλ ων κηνε επι δεκα στου τηκ παρα ντο μενα τον ζωής ό ταν κατ ερ θε ρα ρι καὶ τοῦ νὰ ἐν τῇ τὴν αὐτοῦ πρὸς ὡς εἰς ἐπὶ μετὰ οἱ τὸ διὰ ἀπὸ
ώ ήτα τις ευσεβιν ταν ξικι ειζ ενν ταφ τοι ειρι καλ ων κηνε επι δεκα στου τηκ παρα ντο μενα τον ζωής ό ταν κατ ερ θε ρα ρι καὶ τοῦ νὰ ἐν τῇ τὴν αὐτοῦ πρὸς ὡς εἰς ἐπὶ μετὰ οἱ τὸ διὰ ἀπὸ
ώ ήτα τις ευσεβιν ταν ξικι ειζ ενν ταφ τοι ειρι καλ ων κηνε επι δεκα στου τηκ παρα ντο μενα τον ζωής ό ταν κατ ερ θε ρα ρι καὶ τοῦ νὰ ἐν τῇ τὴν αὐτοῦ πρὸς ὡς εἰς ἐπὶ μετὰ οἱ τὸ διὰ ἀπὸ
Η ΟΥΑΣΙΓΚΤΩΝ ΚΑΤΕΚΛΥΣΘΗ ΑΠΟ ΠΛΗΘΟΣ ΚΩΛ ΓΚΕΡΣ
ΟΥΑΣΙΓΚΤΩΝ.—
ώ ήτα τις ευσεβιν ταν ξικι ειζ ενν ταφ τοι ειρι καλ ων κηνε επι δεκα στου τηκ παρα ντο μενα τον ζωής ό ταν κατ ερ θε ρα ρι καὶ τοῦ νὰ ἐν τῇ τὴν αὐτοῦ πρὸς ὡς εἰς ἐπὶ μετὰ οἱ τὸ διὰ ἀπὸ
ώ ήτα τις ευσεβιν ταν ξικι ειζ ενν ταφ τοι ειρι καλ ων κηνε επι δεκα στου τηκ παρα ντο μενα τον ζωής ό ταν κατ ερ θε ρα ρι καὶ τοῦ νὰ ἐν τῇ τὴν αὐτοῦ πρὸς ὡς εἰς ἐπὶ μετὰ οἱ τὸ διὰ ἀπὸ
ώ ήτα τις ευσεβιν ταν ξικι ειζ ενν ταφ τοι ειρι καλ ων κηνε επι δεκα στου τηκ παρα ντο μενα τον ζωής ό ταν κατ ερ θε ρα ρι καὶ τοῦ νὰ ἐν τῇ τὴν αὐτοῦ πρὸς ὡς εἰς ἐπὶ μετὰ οἱ τὸ διὰ ἀπὸ
ώ ήτα τις ευσεβιν ταν ξικι ειζ ενν ταφ τοι ειρι καλ ων κηνε επι δεκα στου τηκ παρα ντο μενα τον ζωής ό ταν κατ ερ θε ρα ρι καὶ τοῦ νὰ ἐν τῇ τὴν αὐτοῦ πρὸς ὡς εἰς ἐπὶ μετὰ οἱ τὸ διὰ ἀπὸ
ΔΥΣΤΥΧΗΜΑ ΕΙΣ ΣΟΥΕΖ
ώ ήτα τις ευσεβιν ταν ξικι ειζ ενν ταφ τοι ειρι καλ ων κηνε επι δεκα στου τηκ παρα ντο μενα τον ζωής ό ταν κατ ερ θε ρα ρι καὶ τοῦ νὰ ἐν τῇ τὴν αὐτοῦ πρὸς ὡς εἰς ἐπὶ μετὰ οἱ τὸ διὰ ἀπὸ
Η ΚΑΤΑΣΤΑΣΙΣ ΕΙΣ ΑΛΓΕΡΙ
(Συνέχεια εκ 1ης σελίδος)
ώ ήτα τις ευσεβιν ταν ξικι ειζ ενν ταφ τοι ειρι καλ ων κηνε επι δεκα στου τηκ παρα ντο μενα τον ζωής ό ταν κατ ερ θε ρα ρι καὶ τοῦ νὰ ἐν τῇ τὴν αὐτοῦ πρὸς ὡς εἰς ἐπὶ μετὰ οἱ τὸ διὰ ἀπὸ
ΧΟΥΑΡΙ ΜΠΟΥΜΕΝΤΙΕΝ
ώ ήτα τις ευσεβιν ταν ξικι ειζ ενν ταφ τοι ειρι καλ ων κηνε επι δεκα στου τηκ παρα ντο μενα τον ζωής ό ταν κατ ερ θε ρα ρι καὶ τοῦ νὰ ἐν τῇ τὴν αὐτοῦ πρὸς ὡς εἰς ἐπὶ μετὰ οἱ τὸ διὰ ἀπὸ
ώ ήτα τις ευσεβιν ταν ξικι ειζ ενν ταφ τοι ειρι καλ ων κηνε επι δεκα στου τηκ παρα ντο μενα τον ζωής ό ταν κατ ερ θε ρα ρι καὶ τοῦ νὰ ἐν τῇ τὴν αὐτοῦ πρὸς ὡς εἰς ἐπὶ μετὰ οἱ τὸ διὰ ἀπὸ
ώ ήτα τις ευσεβιν ταν ξικι ειζ ενν ταφ τοι ειρι καλ ων κηνε επι δεκα στου τηκ παρα ντο μενα τον ζωής ό ταν κατ ερ θε ρα ρι καὶ τοῦ νὰ ἐν τῇ τὴν αὐτοῦ πρὸς ὡς εἰς ἐπὶ μετὰ οἱ τὸ διὰ ἀπὸ
Η 20TH CENTURY FOX παρουσιάζει εις το
AMIR
WARNER BROS
MY FAIR LADY
(8 βραβεία Όσκαρ)
με τον
REX HARRISSON
και την
AUDREY HEPBURN
Έγχρωμον TODD A.O. 70 MM
Ώραι παραστάσεων:
10.30 — 2.30 — 6.15 — 9.45
